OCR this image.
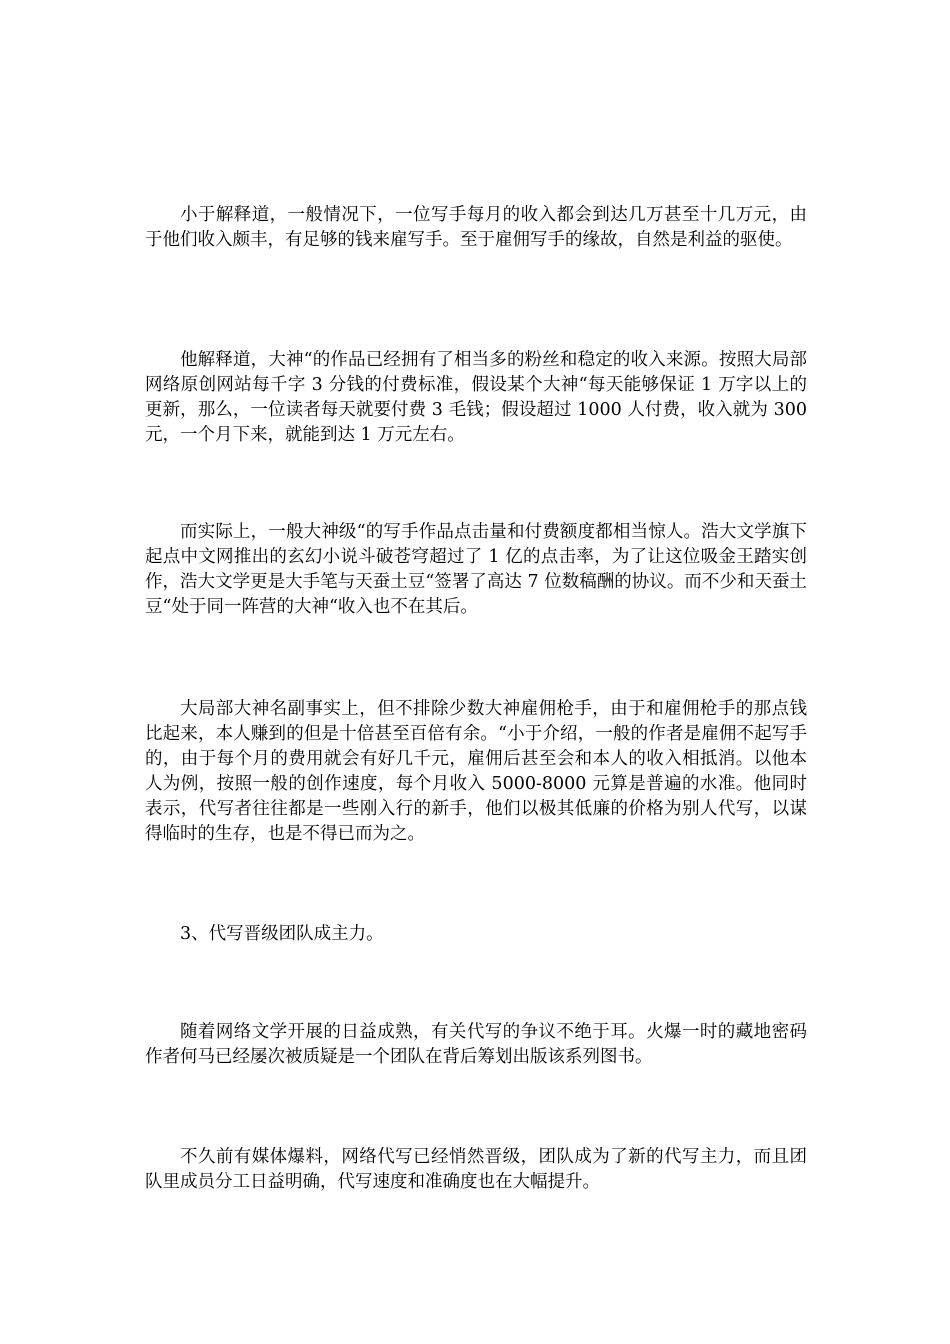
小于解释道，一般情况下，一位写手每月的收入都会到达几万甚至十几万元，由于他们收入颇丰，有足够的钱来雇写手。至于雇佣写手的缘故，自然是利益的驱使。

他解释道，大神“的作品已经拥有了相当多的粉丝和稳定的收入来源。按照大局部网络原创网站每千字 3 分钱的付费标准，假设某个大神“每天能够保证 1 万字以上的更新，那么，一位读者每天就要付费 3 毛钱；假设超过 1000 人付费，收入就为 300 元，一个月下来，就能到达 1 万元左右。

而实际上，一般大神级“的写手作品点击量和付费额度都相当惊人。浩大文学旗下起点中文网推出的玄幻小说斗破苍穹超过了 1 亿的点击率，为了让这位吸金王踏实创作，浩大文学更是大手笔与天蚕土豆“签署了高达 7 位数稿酬的协议。而不少和天蚕土豆“处于同一阵营的大神“收入也不在其后。

大局部大神名副事实上，但不排除少数大神雇佣枪手，由于和雇佣枪手的那点钱比起来，本人赚到的但是十倍甚至百倍有余。“小于介绍，一般的作者是雇佣不起写手的，由于每个月的费用就会有好几千元，雇佣后甚至会和本人的收入相抵消。以他本人为例，按照一般的创作速度，每个月收入 5000-8000 元算是普遍的水准。他同时表示，代写者往往都是一些刚入行的新手，他们以极其低廉的价格为别人代写，以谋得临时的生存，也是不得已而为之。

3、代写晋级团队成主力。

随着网络文学开展的日益成熟，有关代写的争议不绝于耳。火爆一时的藏地密码作者何马已经屡次被质疑是一个团队在背后筹划出版该系列图书。

不久前有媒体爆料，网络代写已经悄然晋级，团队成为了新的代写主力，而且团队里成员分工日益明确，代写速度和准确度也在大幅提升。
